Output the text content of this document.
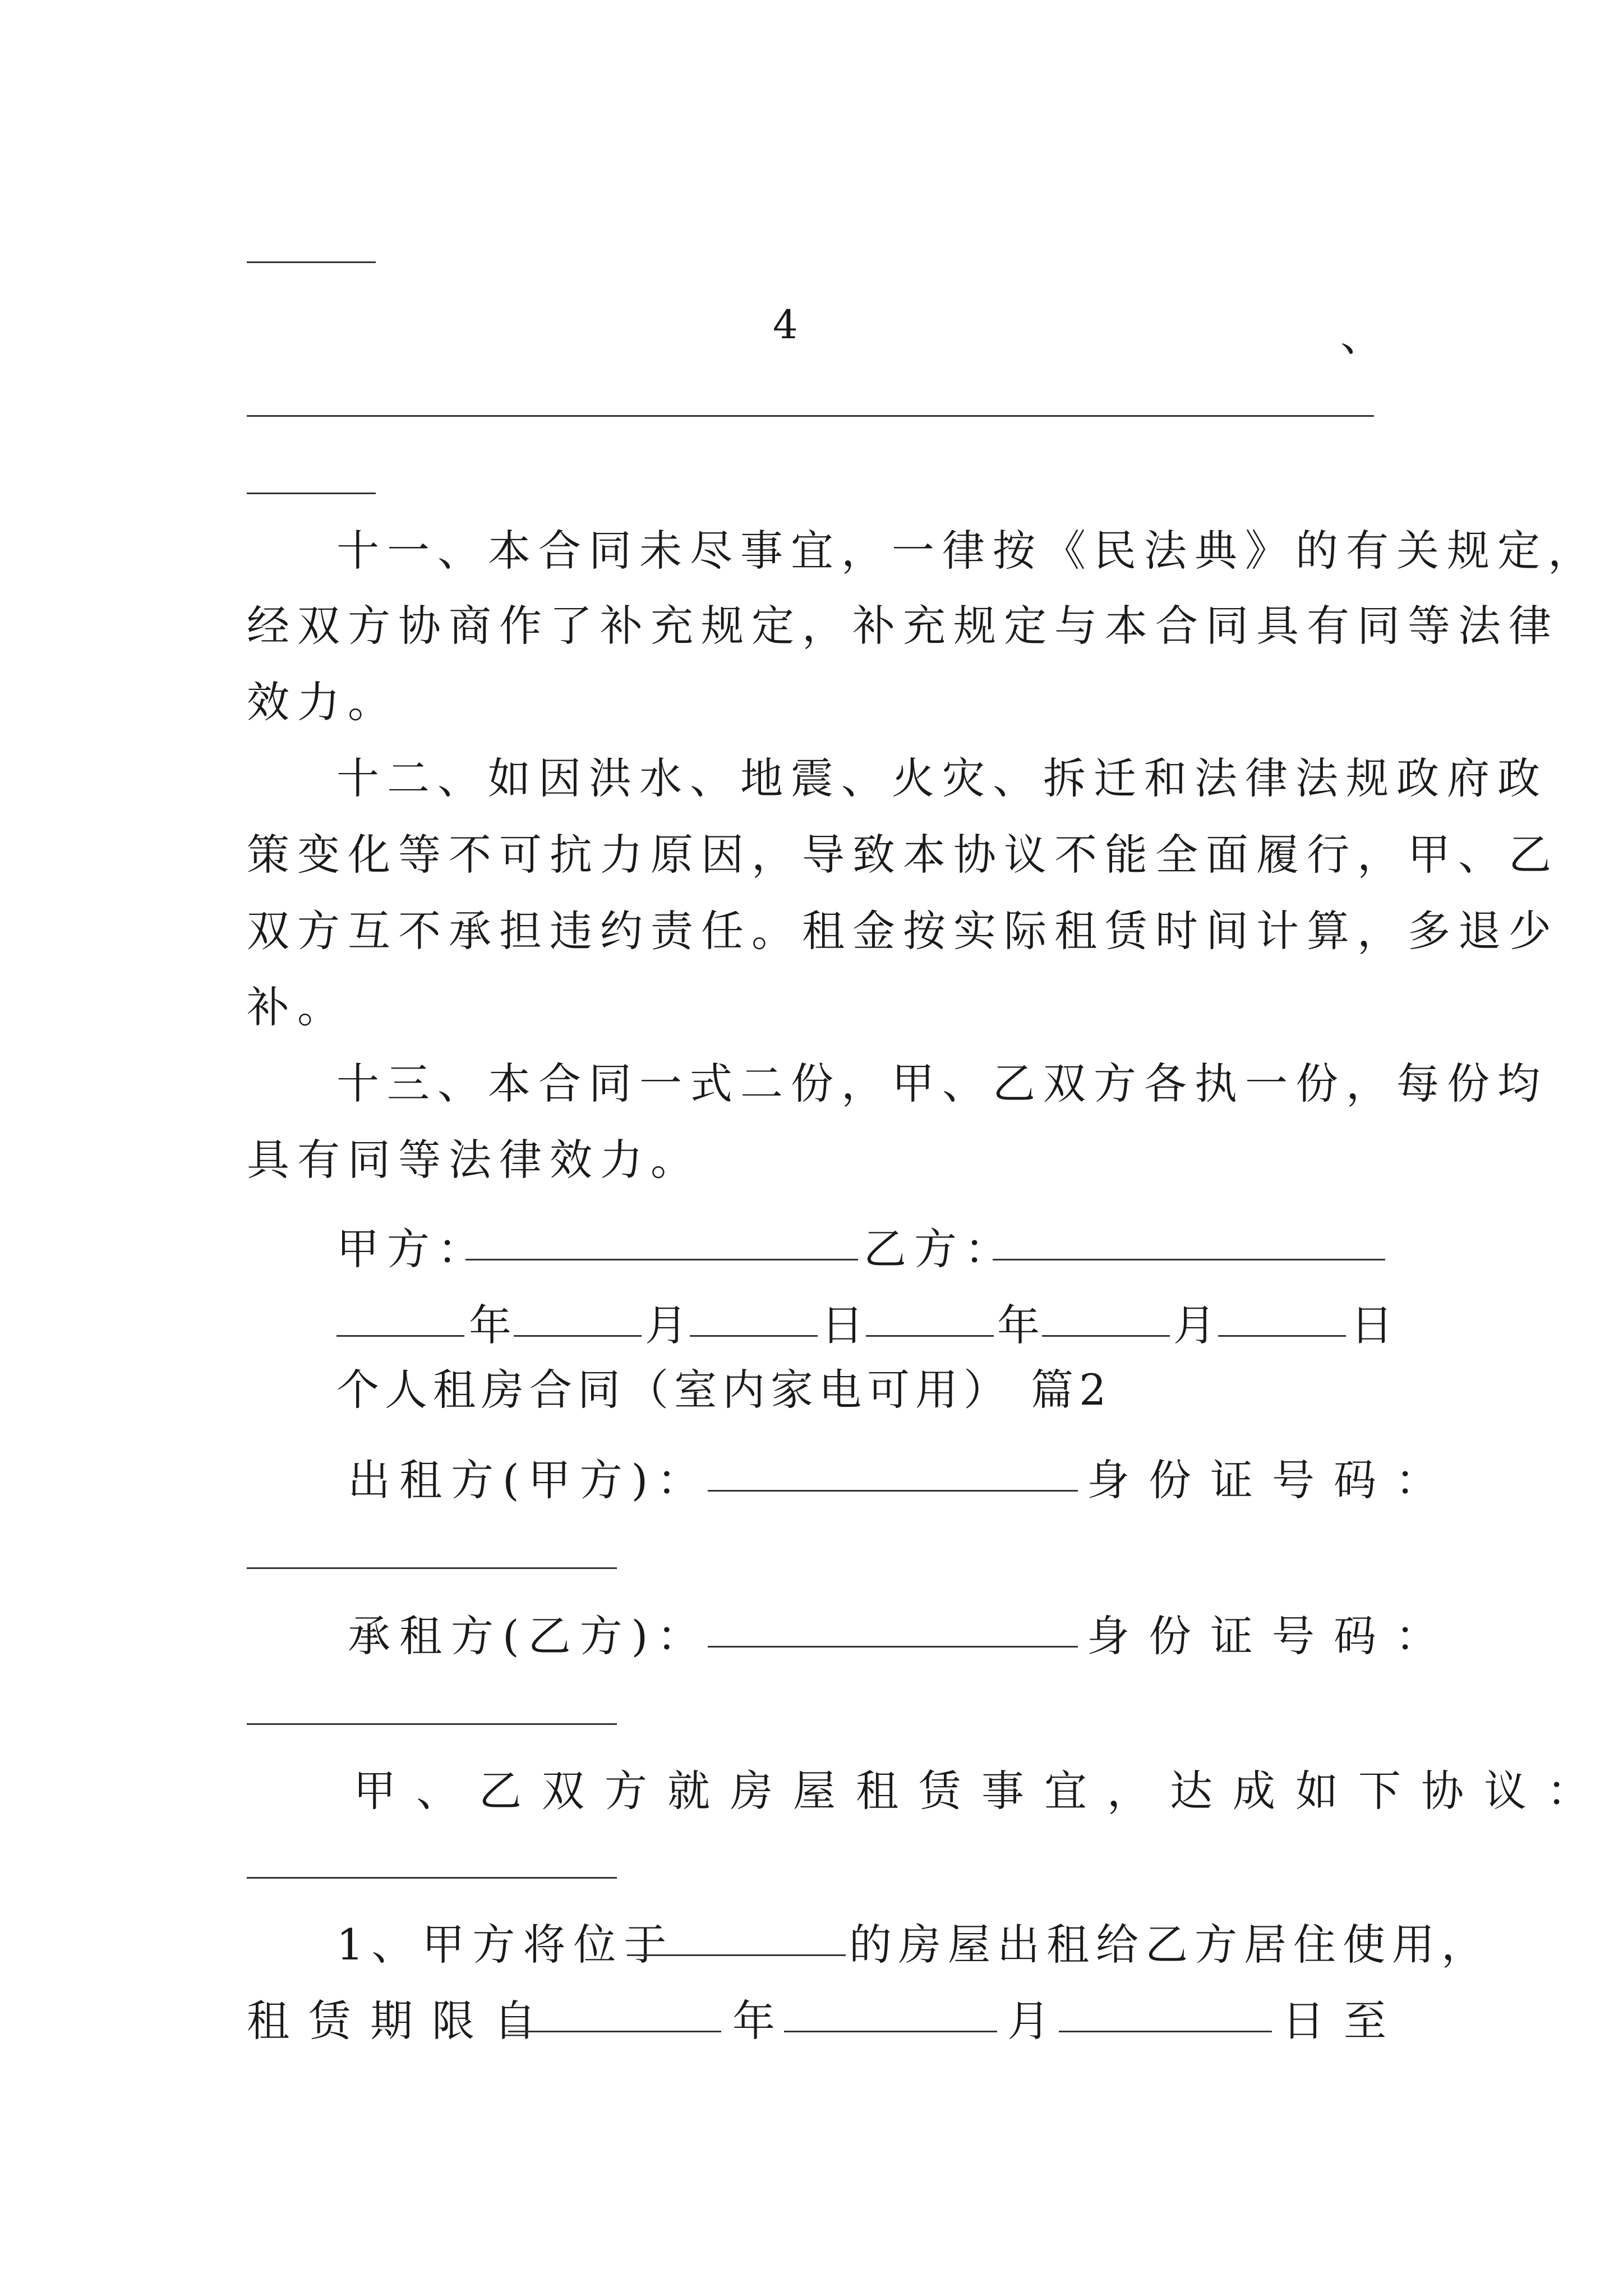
4	、
十一、本合同未尽事宜，一律按《民法典》的有关规定，
经双方协商作了补充规定，补充规定与本合同具有同等法律
效力。
十二、如因洪水、地震、火灾、拆迁和法律法规政府政
策变化等不可抗力原因，导致本协议不能全面履行，甲、乙
双方互不承担违约责任。租金按实际租赁时间计算，多退少
补。
十三、本合同一式二份，甲、乙双方各执一份，每份均
具有同等法律效力。
甲方：	乙方：
年	月	日	年	月	日
个人租房合同（室内家电可用） 篇2
出租方(甲方)：	身份证号码：
承租方(乙方)：	身份证号码：
甲、乙双方就房屋租赁事宜，达成如下协议：
1、甲方将位于	的房屋出租给乙方居住使用，
租赁期限自	年	月	日至
